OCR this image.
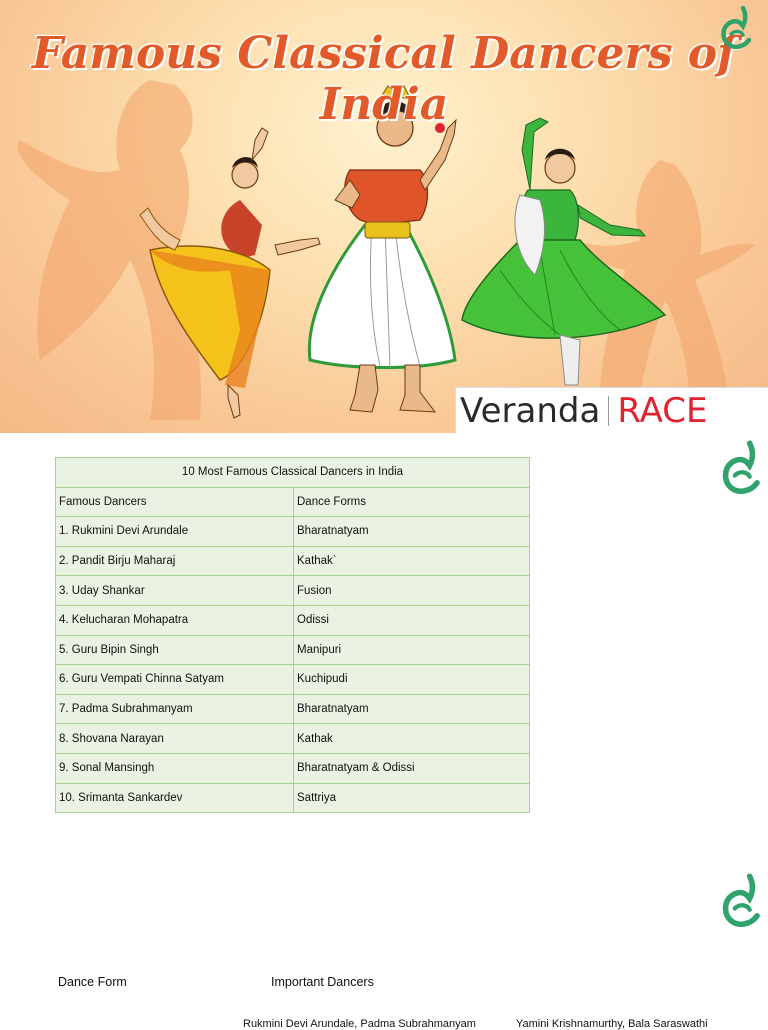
Famous Classical Dancers of India
Veranda RACE
10 Most Famous Classical Dancers in India	
Famous Dancers	Dance Forms
1. Rukmini Devi Arundale	Bharatnatyam
2. Pandit Birju Maharaj	Kathak`
3. Uday Shankar	Fusion
4. Kelucharan Mohapatra	Odissi
5. Guru Bipin Singh	Manipuri
6. Guru Vempati Chinna Satyam	Kuchipudi
7. Padma Subrahmanyam	Bharatnatyam
8. Shovana Narayan	Kathak
9. Sonal Mansingh	Bharatnatyam & Odissi
10. Srimanta Sankardev	Sattriya
Dance Form	Important Dancers
Rukmini Devi Arundale, Padma Subrahmanyam	Yamini Krishnamurthy, Bala Saraswathi
